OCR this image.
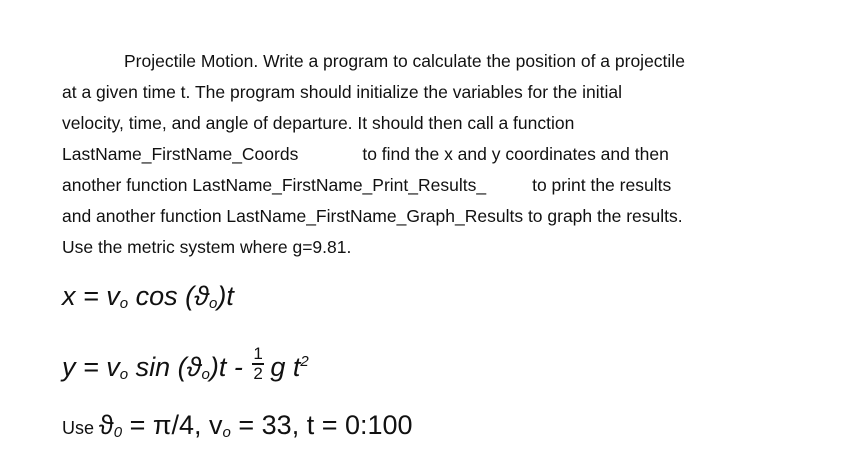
Projectile Motion. Write a program to calculate the position of a projectile
at a given time t. The program should initialize the variables for the initial
velocity, time, and angle of departure. It should then call a function
LastName_FirstName_Coords	to find the x and y coordinates and then
another function LastName_FirstName_Print_Results_	to print the results
and another function LastName_FirstName_Graph_Results to graph the results.
Use the metric system where g=9.81.
$x = v_o$ $\cos (ϑ_o)t$
$y = v_o$ $\sin (ϑ_o)t - \frac{1}{2}$ g $t^2$
Use ϑ0 = π/4, vo = 33, t = 0:100
